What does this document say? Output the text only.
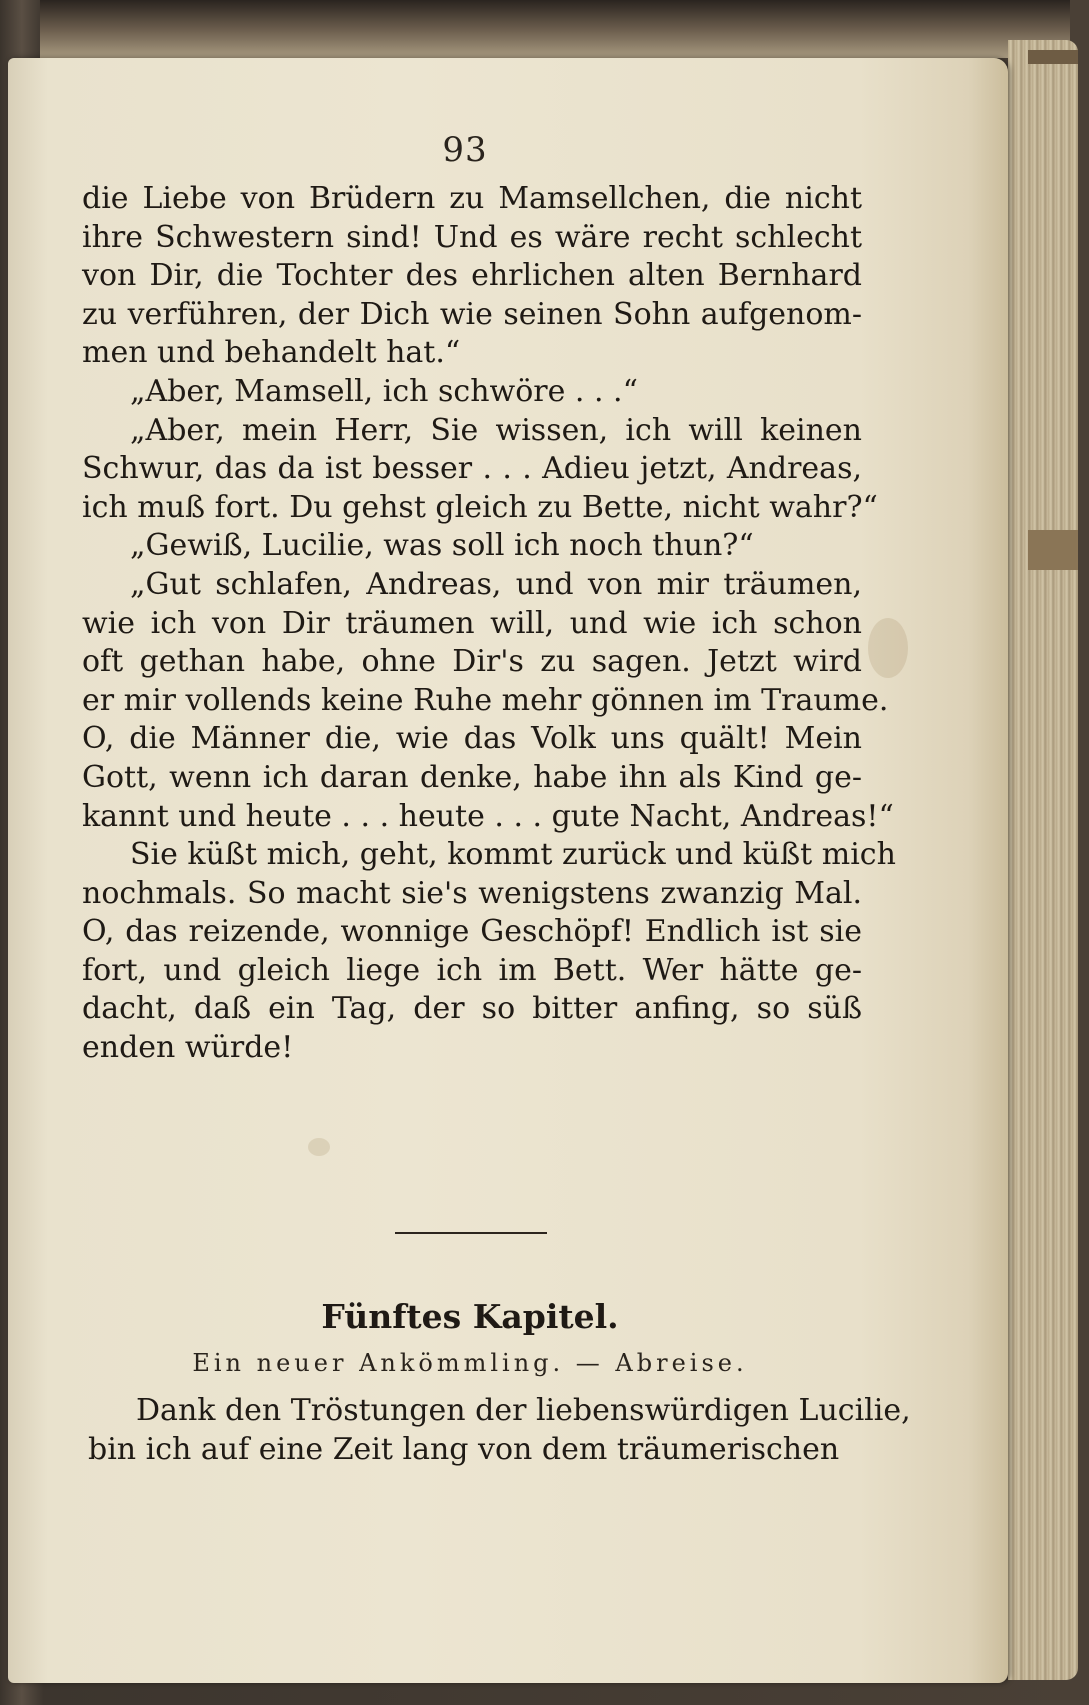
93
die Liebe von Brüdern zu Mamsellchen, die nicht
ihre Schwestern sind! Und es wäre recht schlecht
von Dir, die Tochter des ehrlichen alten Bernhard
zu verführen, der Dich wie seinen Sohn aufgenom-
men und behandelt hat.“
„Aber, Mamsell, ich schwöre . . .“
„Aber, mein Herr, Sie wissen, ich will keinen
Schwur, das da ist besser . . . Adieu jetzt, Andreas,
ich muß fort. Du gehst gleich zu Bette, nicht wahr?“
„Gewiß, Lucilie, was soll ich noch thun?“
„Gut schlafen, Andreas, und von mir träumen,
wie ich von Dir träumen will, und wie ich schon
oft gethan habe, ohne Dir's zu sagen. Jetzt wird
er mir vollends keine Ruhe mehr gönnen im Traume.
O, die Männer die, wie das Volk uns quält! Mein
Gott, wenn ich daran denke, habe ihn als Kind ge-
kannt und heute . . . heute . . . gute Nacht, Andreas!“
Sie küßt mich, geht, kommt zurück und küßt mich
nochmals. So macht sie's wenigstens zwanzig Mal.
O, das reizende, wonnige Geschöpf! Endlich ist sie
fort, und gleich liege ich im Bett. Wer hätte ge-
dacht, daß ein Tag, der so bitter anfing, so süß
enden würde!
Fünftes Kapitel.
Ein neuer Ankömmling. — Abreise.
Dank den Tröstungen der liebenswürdigen Lucilie,
bin ich auf eine Zeit lang von dem träumerischen
